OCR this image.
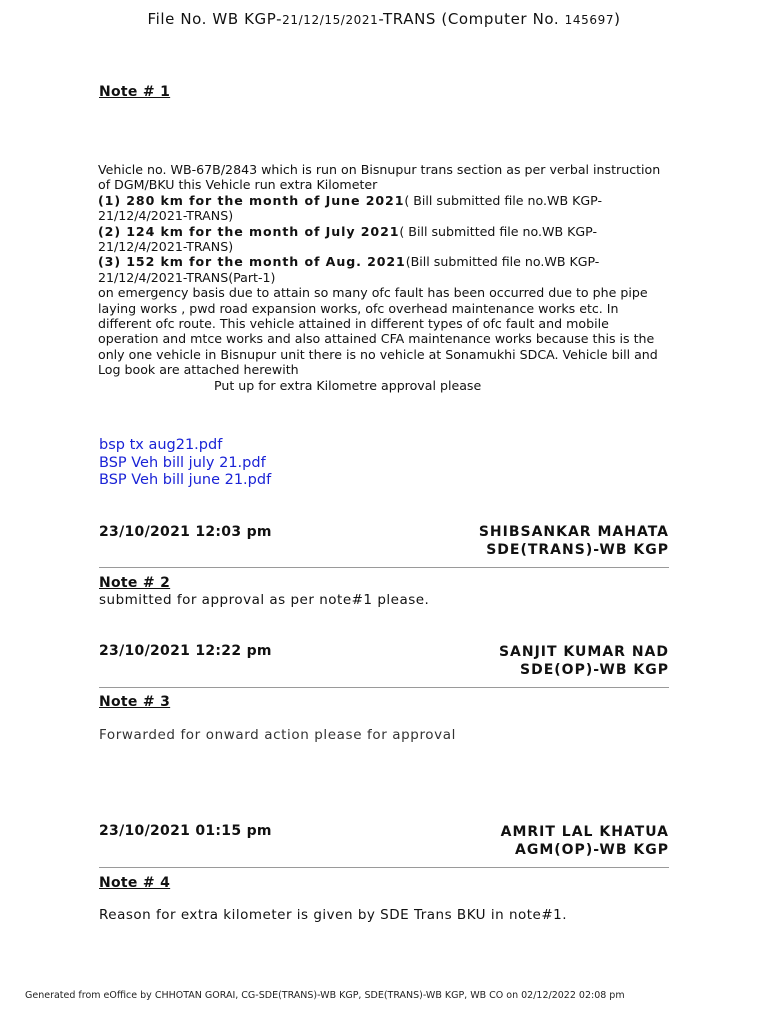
File No. WB KGP-21/12/15/2021-TRANS (Computer No. 145697)
Note # 1
Vehicle no. WB-67B/2843 which is run on Bisnupur trans section as per verbal instruction
of DGM/BKU this Vehicle run extra Kilometer
(1) 280 km for the month of June 2021( Bill submitted file no.WB KGP-
21/12/4/2021-TRANS)
(2) 124 km for the month of July 2021( Bill submitted file no.WB KGP-
21/12/4/2021-TRANS)
(3) 152 km for the month of Aug. 2021(Bill submitted file no.WB KGP-
21/12/4/2021-TRANS(Part-1)
on emergency basis due to attain so many ofc fault has been occurred due to phe pipe
laying works , pwd road expansion works, ofc overhead maintenance works etc. In
different ofc route. This vehicle attained in different types of ofc fault and mobile
operation and mtce works and also attained CFA maintenance works because this is the
only one vehicle in Bisnupur unit there is no vehicle at Sonamukhi SDCA. Vehicle bill and
Log book are attached herewith
Put up for extra Kilometre approval please
bsp tx aug21.pdf
BSP Veh bill july 21.pdf
BSP Veh bill june 21.pdf
23/10/2021 12:03 pm	SHIBSANKAR MAHATA
SDE(TRANS)-WB KGP
Note # 2
submitted for approval as per note#1 please.
23/10/2021 12:22 pm	SANJIT KUMAR NAD
SDE(OP)-WB KGP
Note # 3
Forwarded for onward action please for approval
23/10/2021 01:15 pm	AMRIT LAL KHATUA
AGM(OP)-WB KGP
Note # 4
Reason for extra kilometer is given by SDE Trans BKU in note#1.
Generated from eOffice by CHHOTAN GORAI, CG-SDE(TRANS)-WB KGP, SDE(TRANS)-WB KGP, WB CO on 02/12/2022 02:08 pm
